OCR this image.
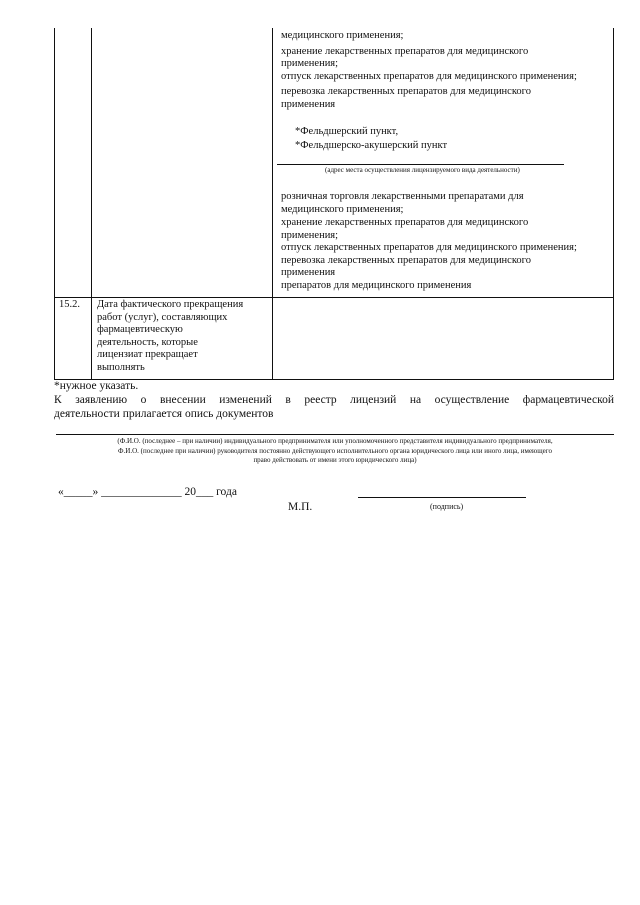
медицинского применения;
хранение лекарственных препаратов для медицинского
применения;
отпуск лекарственных препаратов для медицинского применения;
перевозка лекарственных препаратов для медицинского
применения
*Фельдшерский пункт,
*Фельдшерско-акушерский пункт
(адрес места осуществления лицензируемого вида деятельности)
розничная торговля лекарственными препаратами для
медицинского применения;
хранение лекарственных препаратов для медицинского
применения;
отпуск лекарственных препаратов для медицинского применения;
перевозка лекарственных препаратов для медицинского
применения
препаратов для медицинского применения
15.2. Дата фактического прекращения
работ (услуг), составляющих
фармацевтическую
деятельность, которые
лицензиат прекращает
выполнять
*нужное указать.
К заявлению о внесении изменений в реестр лицензий на осуществление фармацевтической
деятельности прилагается опись документов
(Ф.И.О. (последнее – при наличии) индивидуального предпринимателя или уполномоченного представителя индивидуального предпринимателя,
Ф.И.О. (последнее при наличии) руководителя постоянно действующего исполнительного органа юридического лица или иного лица, имеющего
право действовать от имени этого юридического лица)
«_____» ______________ 20___ года
М.П.	(подпись)
